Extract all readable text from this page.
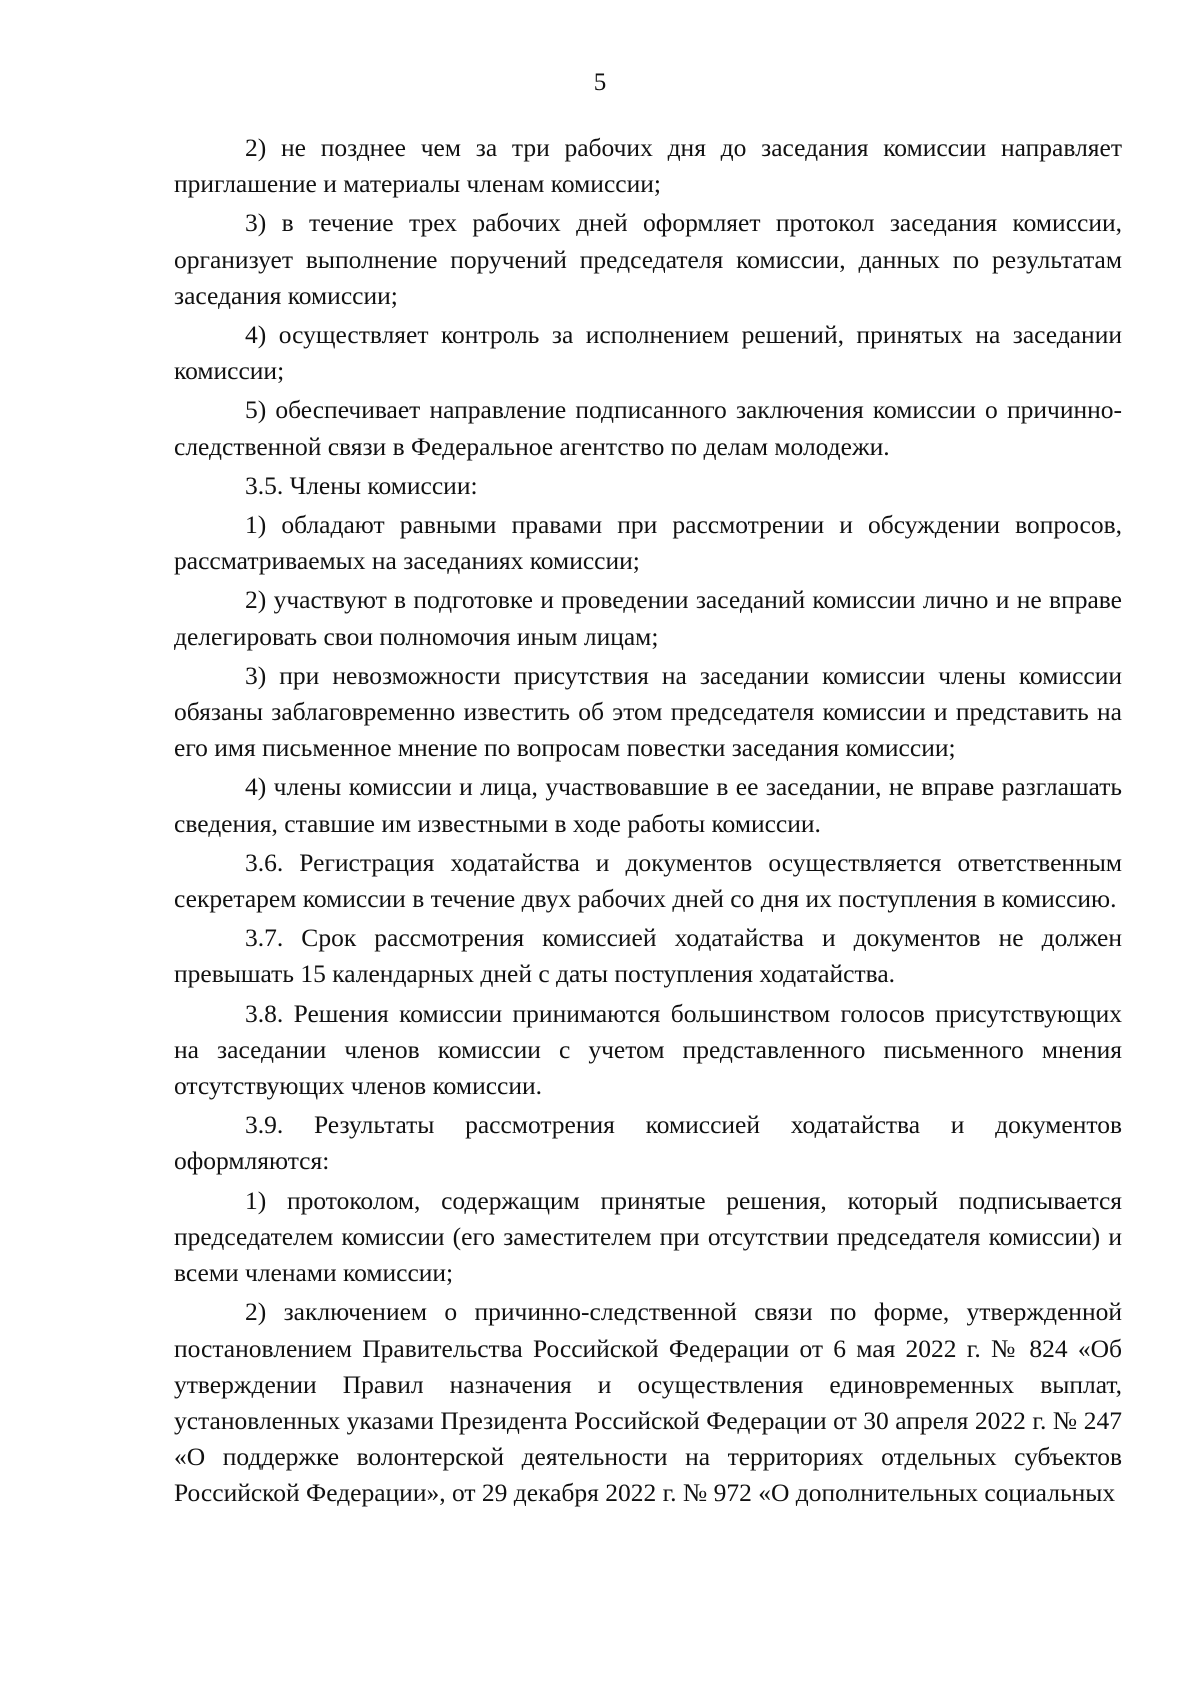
5

2) не позднее чем за три рабочих дня до заседания комиссии направляет приглашение и материалы членам комиссии;

3) в течение трех рабочих дней оформляет протокол заседания комиссии, организует выполнение поручений председателя комиссии, данных по результатам заседания комиссии;

4) осуществляет контроль за исполнением решений, принятых на заседании комиссии;

5) обеспечивает направление подписанного заключения комиссии о причинно-следственной связи в Федеральное агентство по делам молодежи.

3.5. Члены комиссии:

1) обладают равными правами при рассмотрении и обсуждении вопросов, рассматриваемых на заседаниях комиссии;

2) участвуют в подготовке и проведении заседаний комиссии лично и не вправе делегировать свои полномочия иным лицам;

3) при невозможности присутствия на заседании комиссии члены комиссии обязаны заблаговременно известить об этом председателя комиссии и представить на его имя письменное мнение по вопросам повестки заседания комиссии;

4) члены комиссии и лица, участвовавшие в ее заседании, не вправе разглашать сведения, ставшие им известными в ходе работы комиссии.

3.6. Регистрация ходатайства и документов осуществляется ответственным секретарем комиссии в течение двух рабочих дней со дня их поступления в комиссию.

3.7. Срок рассмотрения комиссией ходатайства и документов не должен превышать 15 календарных дней с даты поступления ходатайства.

3.8. Решения комиссии принимаются большинством голосов присутствующих на заседании членов комиссии с учетом представленного письменного мнения отсутствующих членов комиссии.

3.9. Результаты рассмотрения комиссией ходатайства и документов оформляются:

1) протоколом, содержащим принятые решения, который подписывается председателем комиссии (его заместителем при отсутствии председателя комиссии) и всеми членами комиссии;

2) заключением о причинно-следственной связи по форме, утвержденной постановлением Правительства Российской Федерации от 6 мая 2022 г. № 824 «Об утверждении Правил назначения и осуществления единовременных выплат, установленных указами Президента Российской Федерации от 30 апреля 2022 г. № 247 «О поддержке волонтерской деятельности на территориях отдельных субъектов Российской Федерации», от 29 декабря 2022 г. № 972 «О дополнительных социальных
